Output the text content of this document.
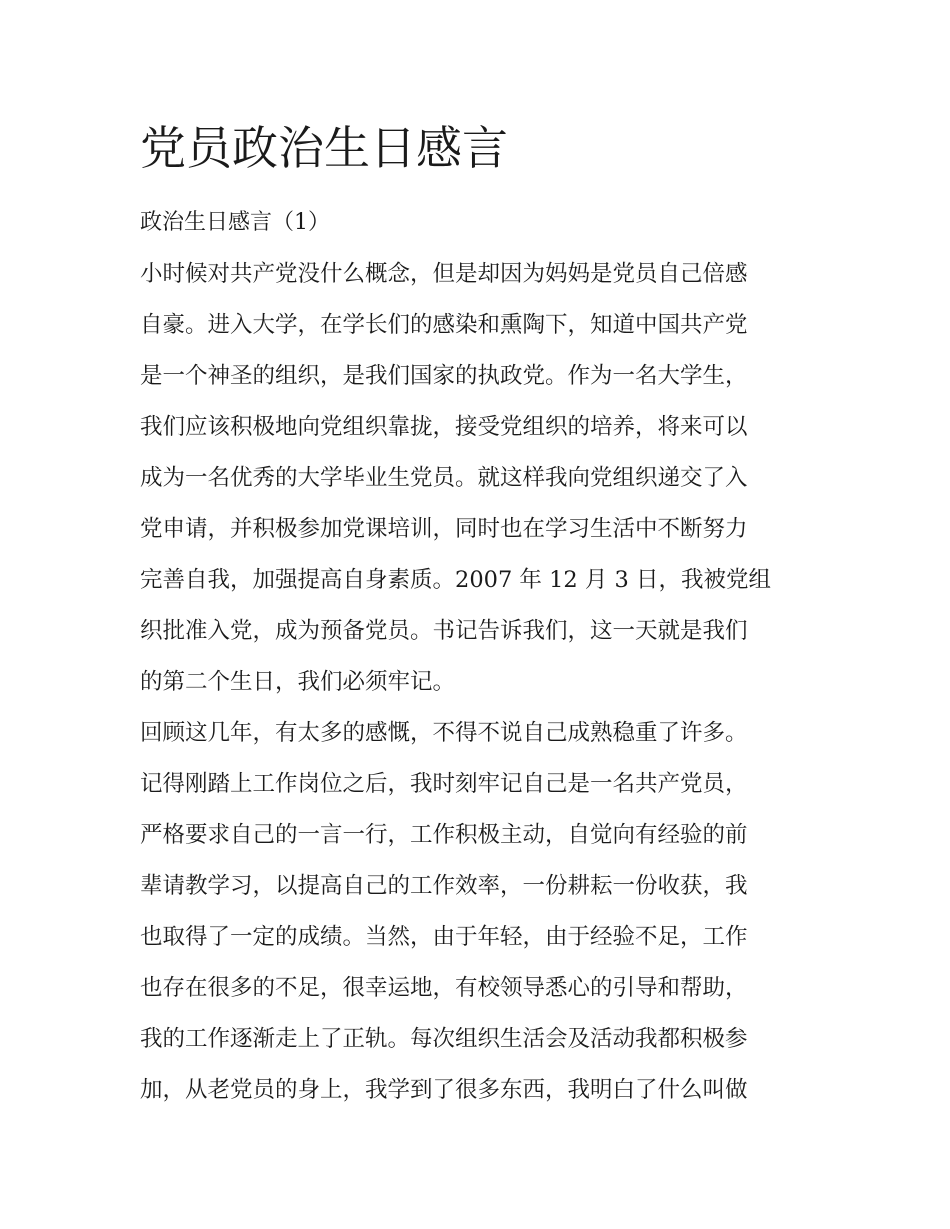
党员政治生日感言

政治生日感言（1）

小时候对共产党没什么概念，但是却因为妈妈是党员自己倍感
自豪。进入大学，在学长们的感染和熏陶下，知道中国共产党
是一个神圣的组织，是我们国家的执政党。作为一名大学生，
我们应该积极地向党组织靠拢，接受党组织的培养，将来可以
成为一名优秀的大学毕业生党员。就这样我向党组织递交了入
党申请，并积极参加党课培训，同时也在学习生活中不断努力
完善自我，加强提高自身素质。2007 年 12 月 3 日，我被党组
织批准入党，成为预备党员。书记告诉我们，这一天就是我们
的第二个生日，我们必须牢记。
回顾这几年，有太多的感慨，不得不说自己成熟稳重了许多。
记得刚踏上工作岗位之后，我时刻牢记自己是一名共产党员，
严格要求自己的一言一行，工作积极主动，自觉向有经验的前
辈请教学习，以提高自己的工作效率，一份耕耘一份收获，我
也取得了一定的成绩。当然，由于年轻，由于经验不足，工作
也存在很多的不足，很幸运地，有校领导悉心的引导和帮助，
我的工作逐渐走上了正轨。每次组织生活会及活动我都积极参
加，从老党员的身上，我学到了很多东西，我明白了什么叫做
